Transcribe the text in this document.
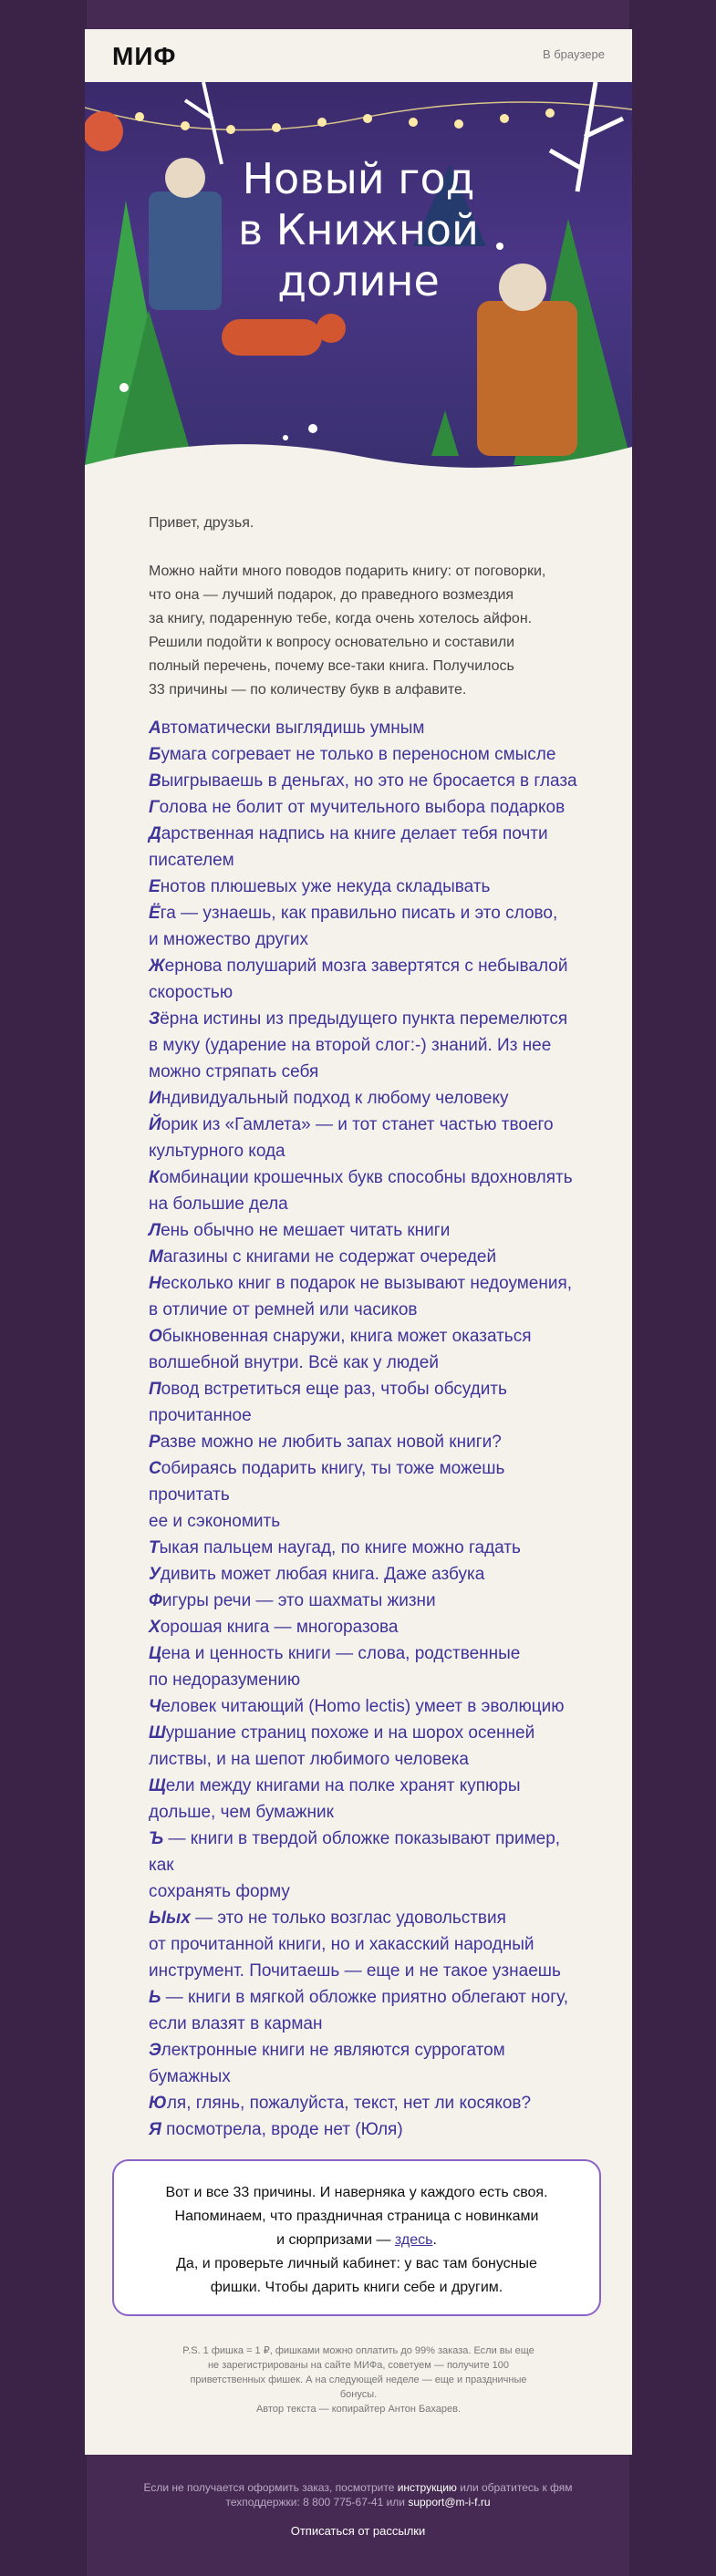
МИФ	В браузере
Новый год
в Книжной
долине

Привет, друзья.

Можно найти много поводов подарить книгу: от поговорки,
что она — лучший подарок, до праведного возмездия
за книгу, подаренную тебе, когда очень хотелось айфон.
Решили подойти к вопросу основательно и составили
полный перечень, почему все-таки книга. Получилось
33 причины — по количеству букв в алфавите.

Автоматически выглядишь умным
Бумага согревает не только в переносном смысле
Выигрываешь в деньгах, но это не бросается в глаза
Голова не болит от мучительного выбора подарков
Дарственная надпись на книге делает тебя почти
писателем
Енотов плюшевых уже некуда складывать
Ёга — узнаешь, как правильно писать и это слово,
и множество других
Жернова полушарий мозга завертятся с небывалой
скоростью
Зёрна истины из предыдущего пункта перемелются
в муку (ударение на второй слог:-) знаний. Из нее
можно стряпать себя
Индивидуальный подход к любому человеку
Йорик из «Гамлета» — и тот станет частью твоего
культурного кода
Комбинации крошечных букв способны вдохновлять
на большие дела
Лень обычно не мешает читать книги
Магазины с книгами не содержат очередей
Несколько книг в подарок не вызывают недоумения,
в отличие от ремней или часиков
Обыкновенная снаружи, книга может оказаться
волшебной внутри. Всё как у людей
Повод встретиться еще раз, чтобы обсудить
прочитанное
Разве можно не любить запах новой книги?
Собираясь подарить книгу, ты тоже можешь прочитать
ее и сэкономить
Тыкая пальцем наугад, по книге можно гадать
Удивить может любая книга. Даже азбука
Фигуры речи — это шахматы жизни
Хорошая книга — многоразова
Цена и ценность книги — слова, родственные
по недоразумению
Человек читающий (Homo lectis) умеет в эволюцию
Шуршание страниц похоже и на шорох осенней
листвы, и на шепот любимого человека
Щели между книгами на полке хранят купюры
дольше, чем бумажник
Ъ — книги в твердой обложке показывают пример, как
сохранять форму
Ыых — это не только возглас удовольствия
от прочитанной книги, но и хакасский народный
инструмент. Почитаешь — еще и не такое узнаешь
Ь — книги в мягкой обложке приятно облегают ногу,
если влазят в карман
Электронные книги не являются суррогатом
бумажных
Юля, глянь, пожалуйста, текст, нет ли косяков?
Я посмотрела, вроде нет (Юля)

Вот и все 33 причины. И наверняка у каждого есть своя.
Напоминаем, что праздничная страница с новинками
и сюрпризами — здесь.
Да, и проверьте личный кабинет: у вас там бонусные
фишки. Чтобы дарить книги себе и другим.
P.S. 1 фишка = 1 ₽, фишками можно оплатить до 99% заказа. Если вы еще
не зарегистрированы на сайте МИФа, советуем — получите 100
приветственных фишек. А на следующей неделе — еще и праздничные
бонусы.
Автор текста — копирайтер Антон Бахарев.
Если не получается оформить заказ, посмотрите инструкцию или обратитесь к фям
техподдержки: 8 800 775-67-41 или support@m-i-f.ru
Отписаться от рассылки
